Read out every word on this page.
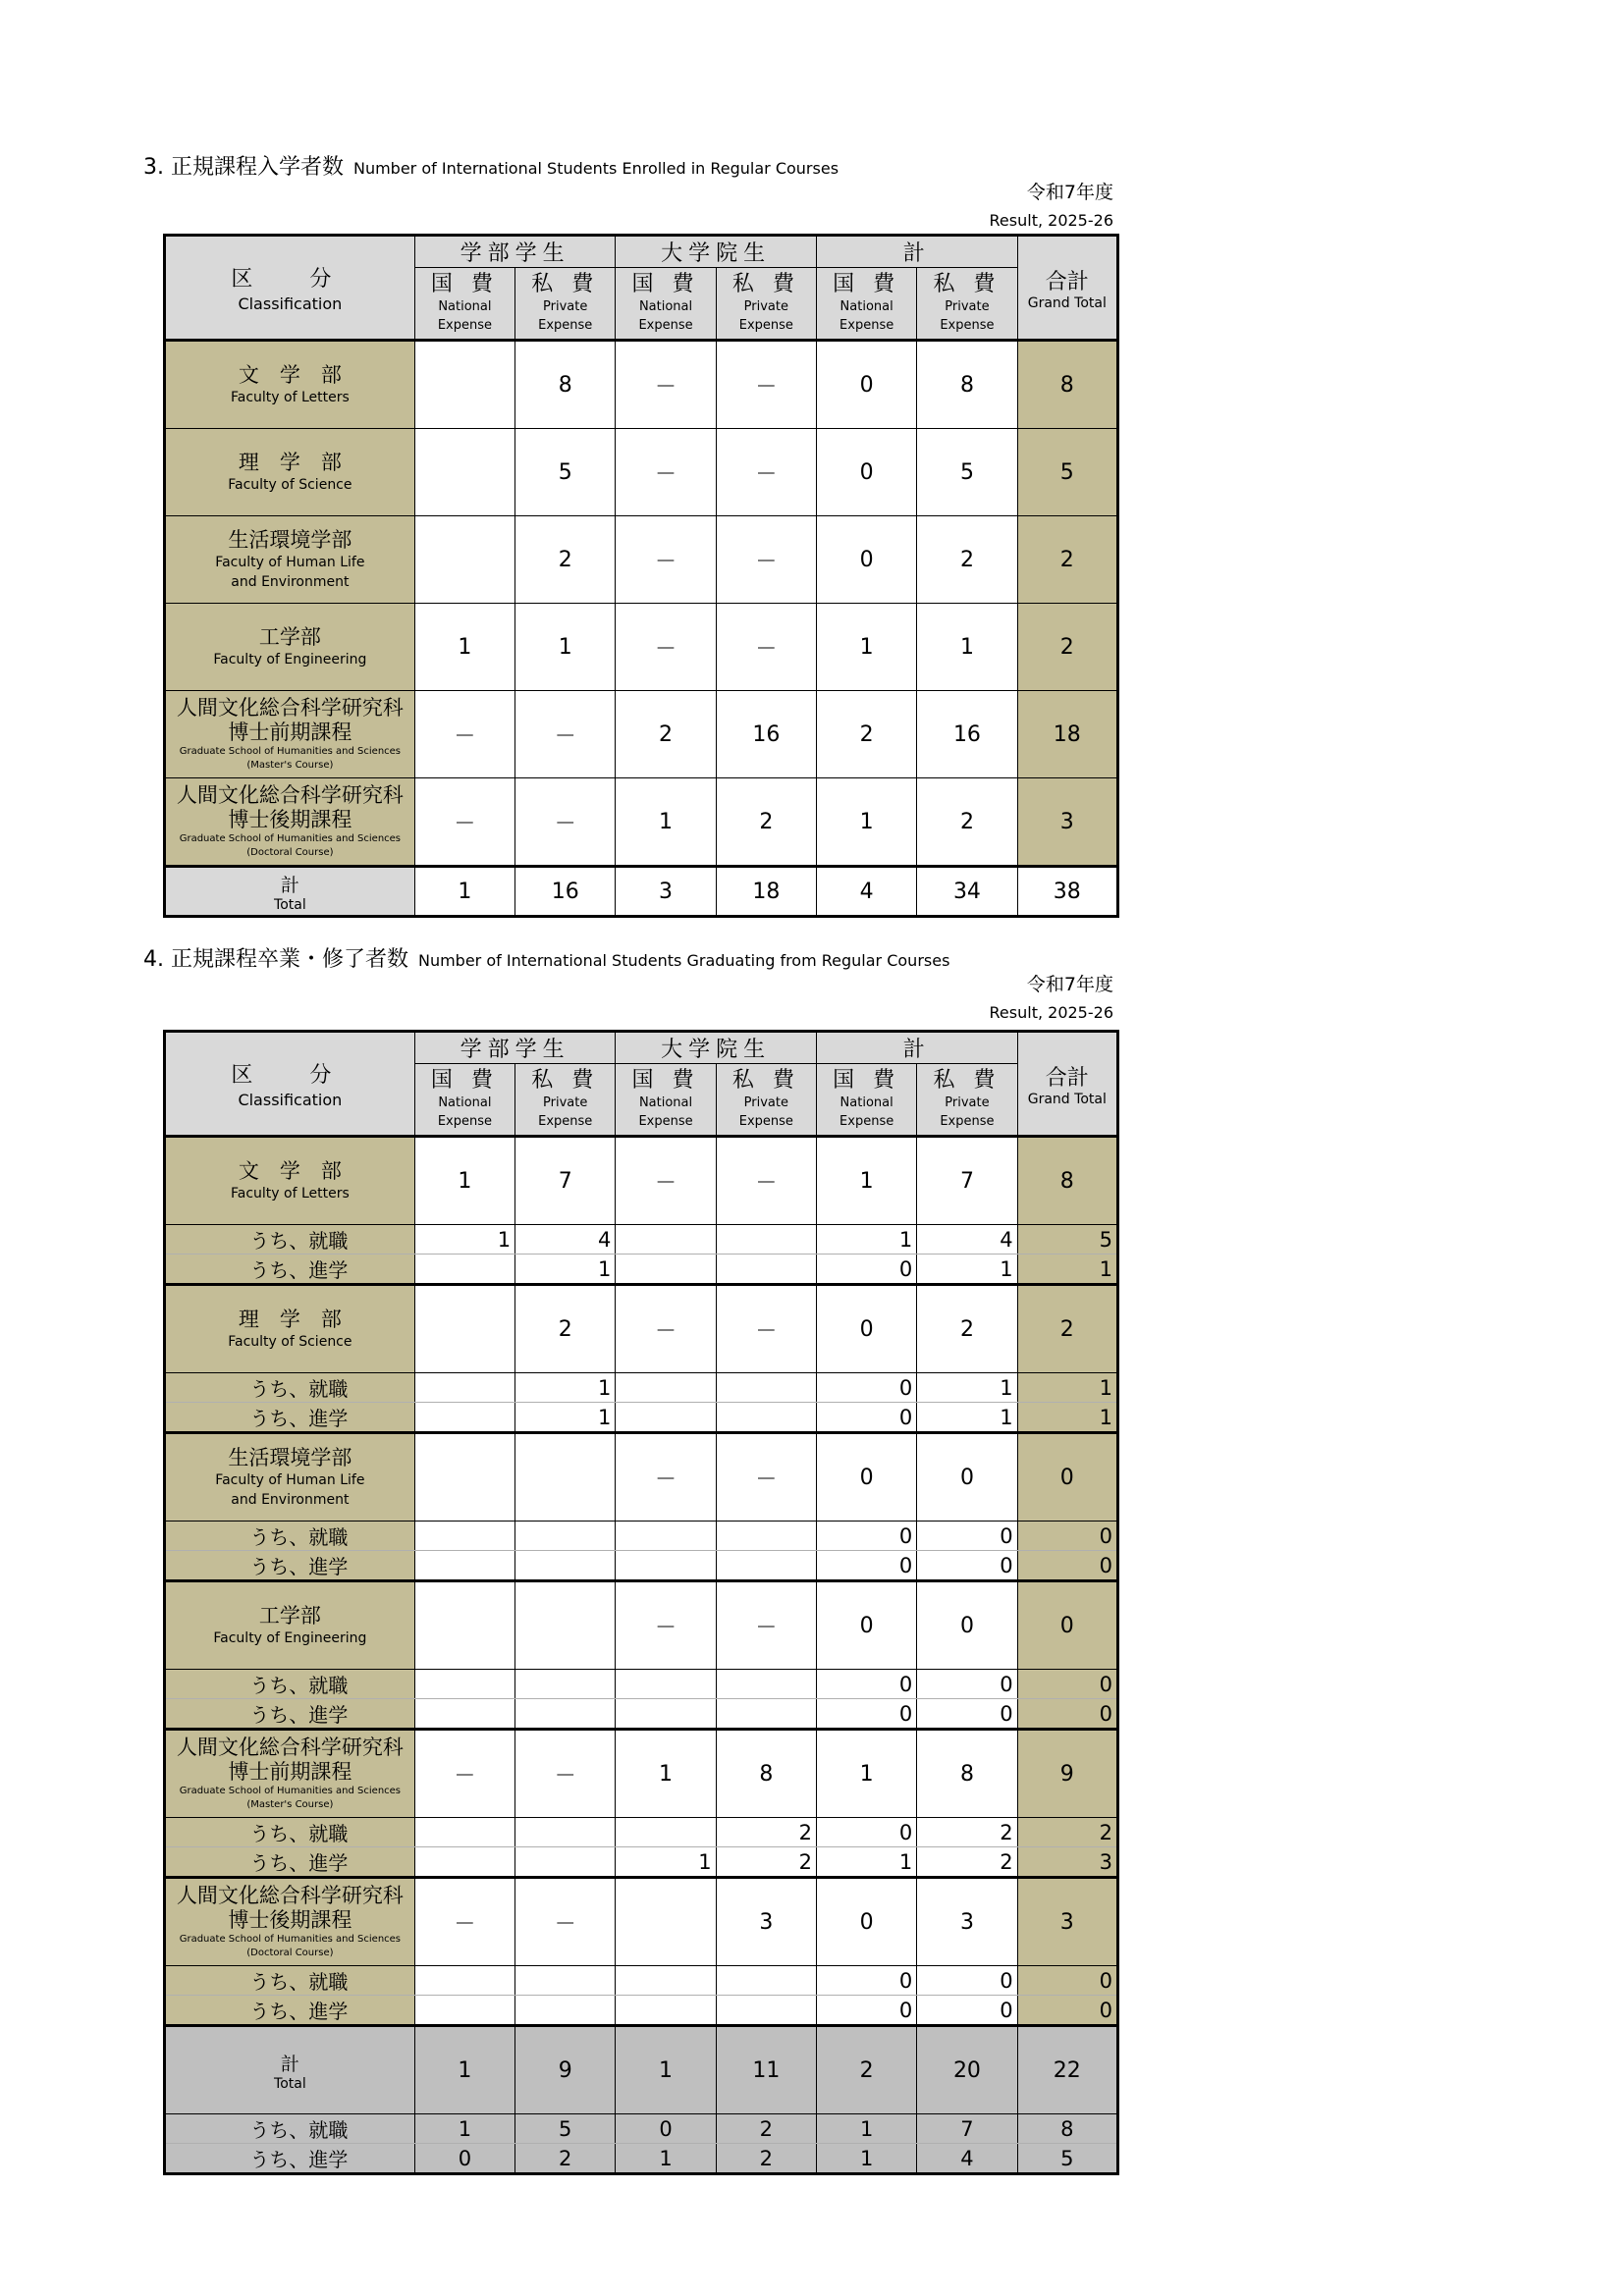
3. 正規課程入学者数 Number of International Students Enrolled in Regular Courses
令和7年度
Result, 2025-26
区　分
Classification	学部学生		大学院生		計		合計
Grand Total

	国 費
National
Expense	私 費
Private
Expense	国 費
National
Expense	私 費
Private
Expense	国 費
National
Expense	私 費
Private
Expense	

文　学　部
Faculty of Letters		8	－	－	0	8	8

理　学　部
Faculty of Science		5	－	－	0	5	5

生活環境学部
Faculty of Human Life
and Environment		2	－	－	0	2	2

工学部
Faculty of Engineering	1	1	－	－	1	1	2

人間文化総合科学研究科
博士前期課程
Graduate School of Humanities and Sciences
(Master's Course)	－	－	2	16	2	16	18

人間文化総合科学研究科
博士後期課程
Graduate School of Humanities and Sciences
(Doctoral Course)	－	－	1	2	1	2	3

計
Total	1	16	3	18	4	34	38
4. 正規課程卒業・修了者数 Number of International Students Graduating from Regular Courses
令和7年度
Result, 2025-26
区　分
Classification	学部学生		大学院生		計		合計
Grand Total

	国 費
National
Expense	私 費
Private
Expense	国 費
National
Expense	私 費
Private
Expense	国 費
National
Expense	私 費
Private
Expense	

文　学　部
Faculty of Letters	1	7	－	－	1	7	8
うち、就職	1	4			1	4	5
うち、進学		1			0	1	1

理　学　部
Faculty of Science		2	－	－	0	2	2
うち、就職		1			0	1	1
うち、進学		1			0	1	1

生活環境学部
Faculty of Human Life
and Environment			－	－	0	0	0
うち、就職					0	0	0
うち、進学					0	0	0

工学部
Faculty of Engineering			－	－	0	0	0
うち、就職					0	0	0
うち、進学					0	0	0

人間文化総合科学研究科
博士前期課程
Graduate School of Humanities and Sciences
(Master's Course)	－	－	1	8	1	8	9
うち、就職				2	0	2	2
うち、進学			1	2	1	2	3

人間文化総合科学研究科
博士後期課程
Graduate School of Humanities and Sciences
(Doctoral Course)	－	－		3	0	3	3
うち、就職					0	0	0
うち、進学					0	0	0

計
Total	1	9	1	11	2	20	22
うち、就職	1	5	0	2	1	7	8
うち、進学	0	2	1	2	1	4	5
